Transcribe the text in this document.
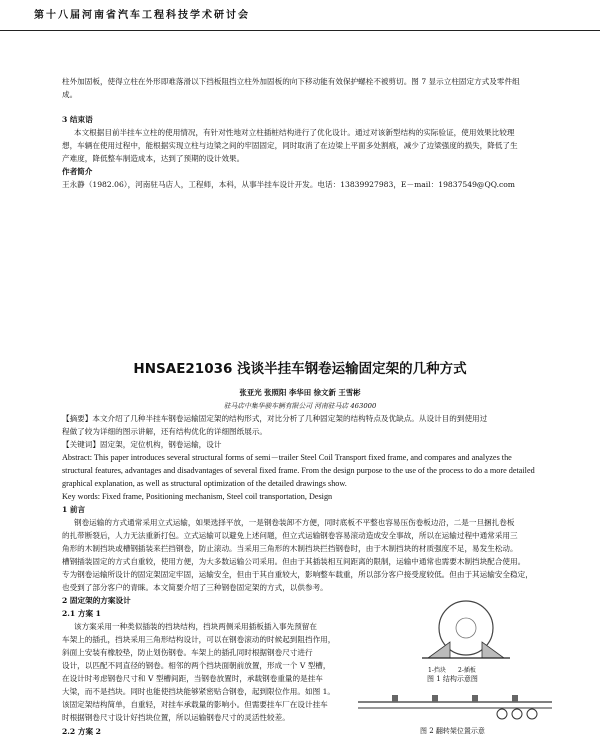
第十八届河南省汽车工程科技学术研讨会
柱外加固板，使得立柱在外形即难落滑以下挡板阻挡立柱外加固板的向下移动能有效保护螺栓不被剪切。图 7 显示立柱固定方式及零件组
成。
3 结束语
本文根据目前半挂车立柱的使用情况，有针对性地对立柱插桩结构进行了优化设计。通过对该新型结构的实际验证，使用效果比较理
想，车辆在使用过程中，能根据实现立柱与边梁之间的牢固固定，同时取消了在边梁上平面多处割痕，减少了边梁强度的损失，降低了生
产难度，降低整车制造成本，达到了预期的设计效果。
作者简介
王永静（1982.06），河南驻马店人，工程师，本科，从事半挂车设计开发。电话：13839927983，E－mail：19837549@QQ.com
HNSAE21036 浅谈半挂车钢卷运输固定架的几种方式
张亚光 张照阳 李华田 徐文新 王雪彬
驻马店中集华骏车辆有限公司 河南驻马店 463000
【摘要】本文介绍了几种半挂车钢卷运输固定架的结构形式，对比分析了几种固定架的结构特点及优缺点。从设计目的到使用过
程做了较为详细的图示讲解，还有结构优化的详细图纸展示。
【关键词】固定架，定位机构，钢卷运输，设计
Abstract: This paper introduces several structural forms of semi－trailer Steel Coil Transport fixed frame, and compares and analyzes the
structural features, advantages and disadvantages of several fixed frame. From the design purpose to the use of the process to do a more detailed
graphical explanation, as well as structural optimization of the detailed drawings show.
Key words: Fixed frame, Positioning mechanism, Steel coil transportation, Design
1 前言
钢卷运输的方式通常采用立式运输，如果选择平放，一是钢卷装卸不方便，同时底板不平整也容易压伤卷板边沿，二是一旦捆扎卷板
的扎带断裂后，人力无法重新打包。立式运输可以避免上述问题，但立式运输钢卷容易滚动造成安全事故，所以在运输过程中通常采用三
角形的木制挡块或槽钢插装来拦挡钢卷，防止滚动。当采用三角形的木制挡块拦挡钢卷时，由于木制挡块的材质强度不足，易发生松动。
槽钢插装固定的方式自重较，使用方便，为大多数运输公司采用。但由于其插装相互间距离的限制，运输中通常也需要木制挡块配合使用。
专为钢卷运输所设计的固定架固定牢固，运输安全，但由于其自重较大，影响整车载重，所以部分客户接受度较低。但由于其运输安全稳定，
也受到了部分客户的青睐。本文简要介绍了三种钢卷固定架的方式，以供参考。
2 固定架的方案设计
2.1 方案 1
该方案采用一种类似插装的挡块结构，挡块两侧采用插板插入事先预留在
车架上的插孔，挡块采用三角形结构设计，可以在钢卷滚动的时候起到阻挡作用，
斜面上安装有橡胶垫，防止划伤钢卷。车架上的插孔同时根据钢卷尺寸进行
设计，以匹配不同直径的钢卷。相邻的两个挡块面朝前放置，形成一个 V 型槽，
在设计时考虑钢卷尺寸和 V 型槽间距，当钢卷放置时，承载钢卷重量的是挂车
大梁，而不是挡块。同时也能使挡块能够紧密贴合钢卷，起到限位作用。如图 1。
该固定架结构简单，自重轻，对挂车承载量的影响小。但需要挂车厂在设计挂车
时根据钢卷尺寸设计好挡块位置，所以运输钢卷尺寸的灵活性较差。
2.2 方案 2
1-挡块 2-插板
图 1 结构示意图
图 2 翻转架位置示意
